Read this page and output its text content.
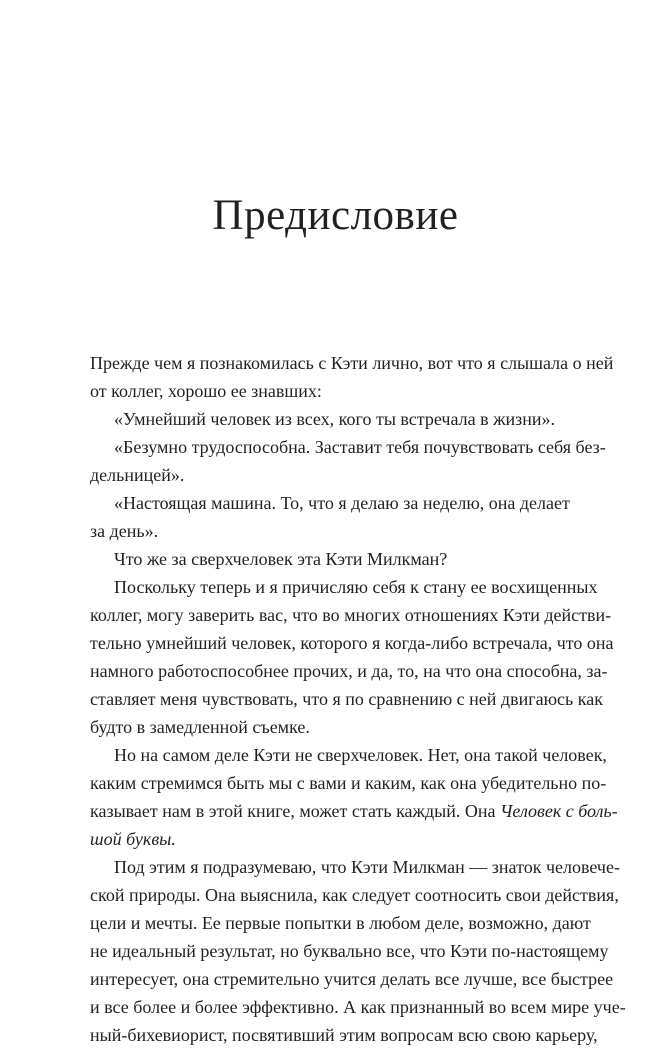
Предисловие
Прежде чем я познакомилась с Кэти лично, вот что я слышала о ней
от коллег, хорошо ее знавших:
«Умнейший человек из всех, кого ты встречала в жизни».
«Безумно трудоспособна. Заставит тебя почувствовать себя без-
дельницей».
«Настоящая машина. То, что я делаю за неделю, она делает
за день».
Что же за сверхчеловек эта Кэти Милкман?
Поскольку теперь и я причисляю себя к стану ее восхищенных
коллег, могу заверить вас, что во многих отношениях Кэти действи-
тельно умнейший человек, которого я когда-либо встречала, что она
намного работоспособнее прочих, и да, то, на что она способна, за-
ставляет меня чувствовать, что я по сравнению с ней двигаюсь как
будто в замедленной съемке.
Но на самом деле Кэти не сверхчеловек. Нет, она такой человек,
каким стремимся быть мы с вами и каким, как она убедительно по-
казывает нам в этой книге, может стать каждый. Она Человек с боль-
шой буквы.
Под этим я подразумеваю, что Кэти Милкман — знаток человече-
ской природы. Она выяснила, как следует соотносить свои действия,
цели и мечты. Ее первые попытки в любом деле, возможно, дают
не идеальный результат, но буквально все, что Кэти по-настоящему
интересует, она стремительно учится делать все лучше, все быстрее
и все более и более эффективно. А как признанный во всем мире уче-
ный-бихевиорист, посвятивший этим вопросам всю свою карьеру,
